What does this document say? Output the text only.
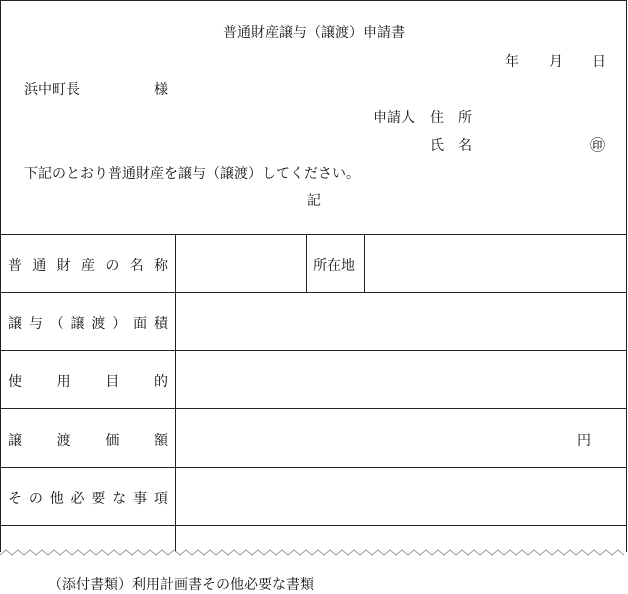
普通財産譲与（譲渡）申請書
年 月 日
浜中町長	様
申請人 住　所
氏　名	㊞
下記のとおり普通財産を譲与（譲渡）してください。
記
普 通 財 産 の 名 称	所在地
譲 与 （ 譲 渡 ） 面 積
使 用 目 的
譲 渡 価 額	円
そ の 他 必 要 な 事 項
（添付書類）利用計画書その他必要な書類
